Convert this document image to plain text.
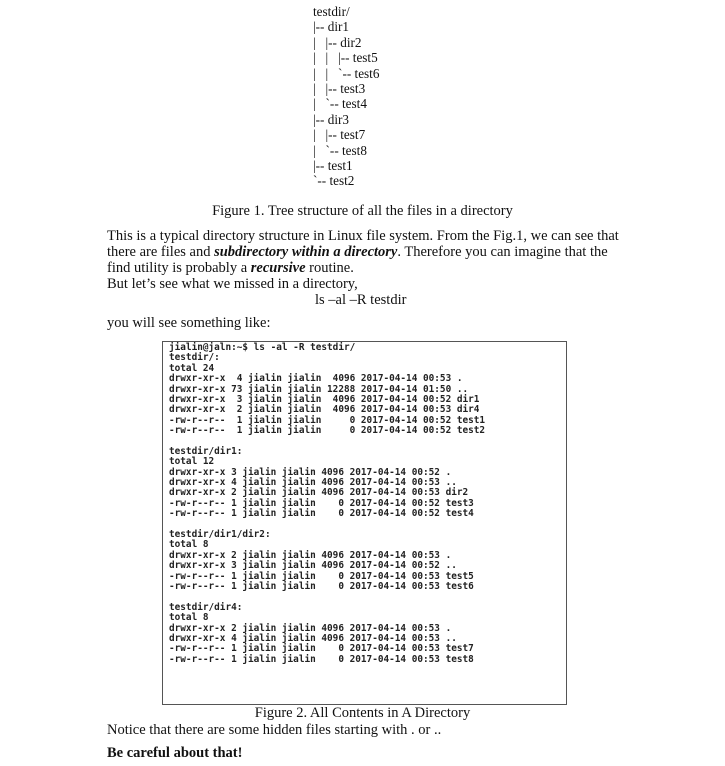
testdir/
|-- dir1
|   |-- dir2
|   |   |-- test5
|   |   `-- test6
|   |-- test3
|   `-- test4
|-- dir3
|   |-- test7
|   `-- test8
|-- test1
`-- test2
Figure 1. Tree structure of all the files in a directory
This is a typical directory structure in Linux file system. From the Fig.1, we can see that there are files and subdirectory within a directory. Therefore you can imagine that the find utility is probably a recursive routine.
But let’s see what we missed in a directory,
ls –al –R testdir
you will see something like:
jialin@jaln:~$ ls -al -R testdir/
testdir/:
total 24
drwxr-xr-x  4 jialin jialin  4096 2017-04-14 00:53 .
drwxr-xr-x 73 jialin jialin 12288 2017-04-14 01:50 ..
drwxr-xr-x  3 jialin jialin  4096 2017-04-14 00:52 dir1
drwxr-xr-x  2 jialin jialin  4096 2017-04-14 00:53 dir4
-rw-r--r--  1 jialin jialin     0 2017-04-14 00:52 test1
-rw-r--r--  1 jialin jialin     0 2017-04-14 00:52 test2
testdir/dir1:
total 12
drwxr-xr-x 3 jialin jialin 4096 2017-04-14 00:52 .
drwxr-xr-x 4 jialin jialin 4096 2017-04-14 00:53 ..
drwxr-xr-x 2 jialin jialin 4096 2017-04-14 00:53 dir2
-rw-r--r-- 1 jialin jialin    0 2017-04-14 00:52 test3
-rw-r--r-- 1 jialin jialin    0 2017-04-14 00:52 test4
testdir/dir1/dir2:
total 8
drwxr-xr-x 2 jialin jialin 4096 2017-04-14 00:53 .
drwxr-xr-x 3 jialin jialin 4096 2017-04-14 00:52 ..
-rw-r--r-- 1 jialin jialin    0 2017-04-14 00:53 test5
-rw-r--r-- 1 jialin jialin    0 2017-04-14 00:53 test6
testdir/dir4:
total 8
drwxr-xr-x 2 jialin jialin 4096 2017-04-14 00:53 .
drwxr-xr-x 4 jialin jialin 4096 2017-04-14 00:53 ..
-rw-r--r-- 1 jialin jialin    0 2017-04-14 00:53 test7
-rw-r--r-- 1 jialin jialin    0 2017-04-14 00:53 test8
Figure 2. All Contents in A Directory
Notice that there are some hidden files starting with . or ..
Be careful about that!
